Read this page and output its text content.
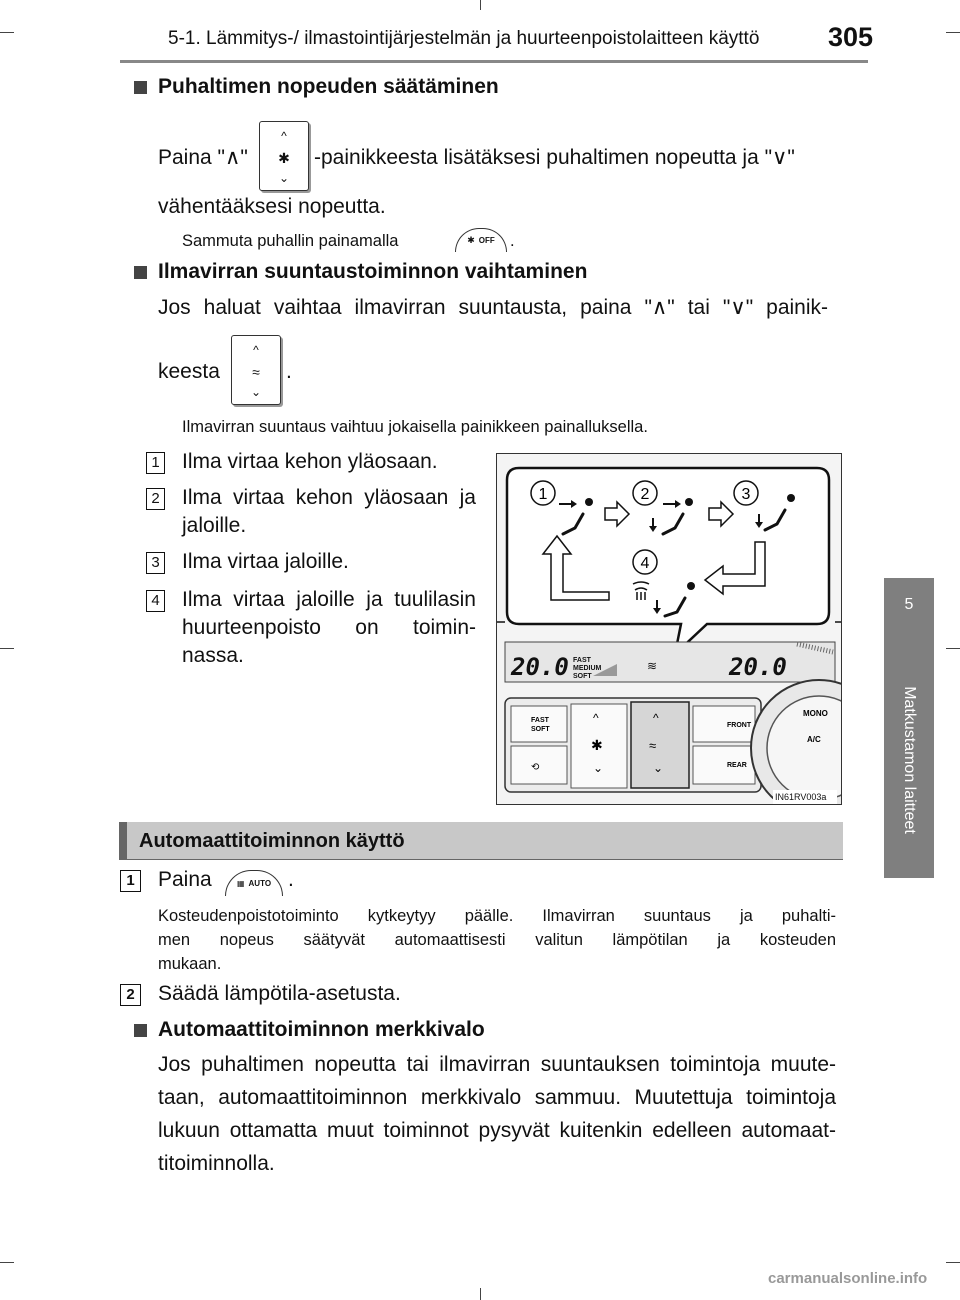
5-1. Lämmitys-/ ilmastointijärjestelmän ja huurteenpoistolaitteen käyttö	305
5
Matkustamon laitteet
Puhaltimen nopeuden säätäminen
Paina "∧"
^
✱
⌄
-painikkeesta lisätäksesi puhaltimen nopeutta ja "∨"
vähentääksesi nopeutta.
Sammuta puhallin painamalla	✱ OFF .
Ilmavirran suuntaustoiminnon vaihtaminen
Jos haluat vaihtaa ilmavirran suuntausta, paina "∧" tai "∨" painik-
keesta
^
≈
⌄
.
Ilmavirran suuntaus vaihtuu jokaisella painikkeen painalluksella.
1 Ilma virtaa kehon yläosaan.
2 Ilma virtaa kehon yläosaan ja
jaloille.
3 Ilma virtaa jaloille.
4 Ilma virtaa jaloille ja tuulilasin
huurteenpoisto on toimin-
nassa.
1	2	3
4
20.0	20.0
FAST
MEDIUM
SOFT
≋
FAST
SOFT
⟲
^
✱
⌄
^
≈
⌄
FRONT
REAR
MONO
A/C
IN61RV003a
Automaattitoiminnon käyttö
1	Paina	▦ AUTO .
Kosteudenpoistotoiminto kytkeytyy päälle. Ilmavirran suuntaus ja puhalti-
men nopeus säätyvät automaattisesti valitun lämpötilan ja kosteuden
mukaan.
2	Säädä lämpötila-asetusta.
Automaattitoiminnon merkkivalo
Jos puhaltimen nopeutta tai ilmavirran suuntauksen toimintoja muute-
taan, automaattitoiminnon merkkivalo sammuu. Muutettuja toimintoja
lukuun ottamatta muut toiminnot pysyvät kuitenkin edelleen automaat-
titoiminnolla.
carmanualsonline.info
